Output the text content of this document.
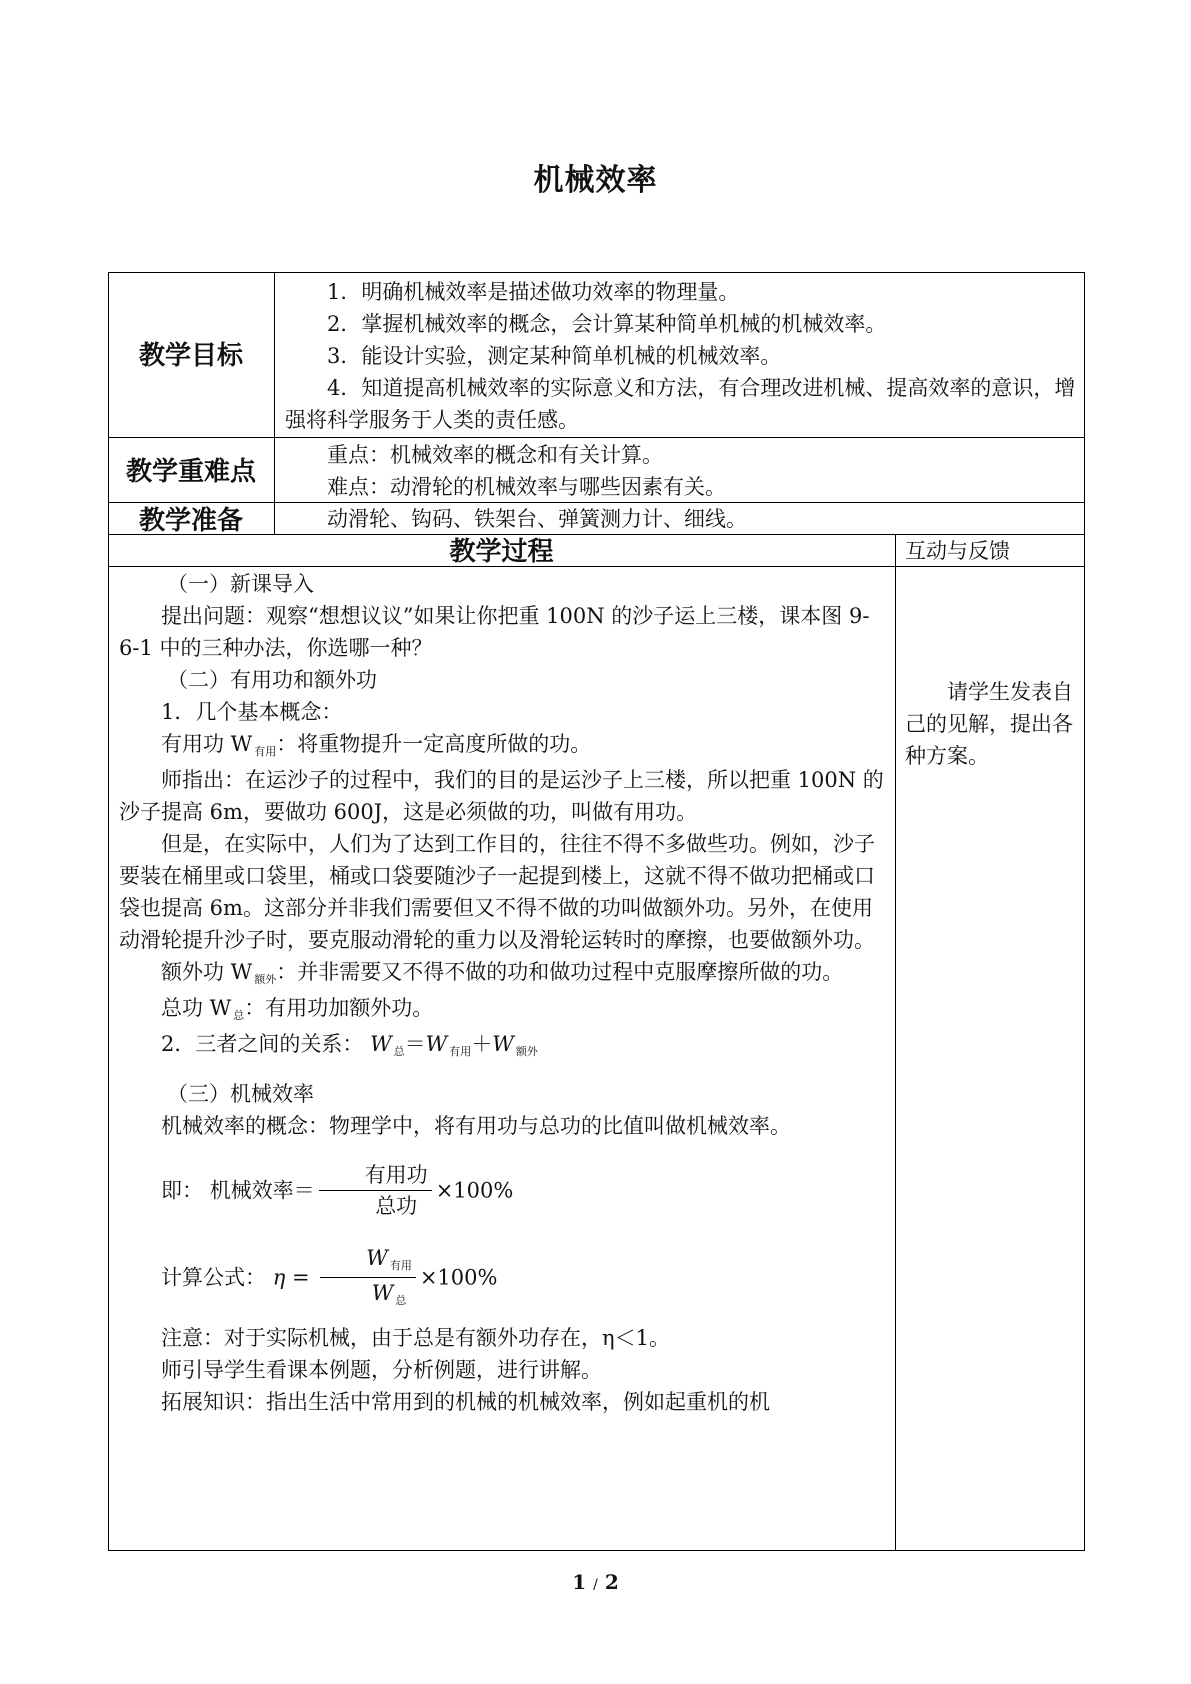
机械效率
教学目标

1．明确机械效率是描述做功效率的物理量。

2．掌握机械效率的概念，会计算某种简单机械的机械效率。

3．能设计实验，测定某种简单机械的机械效率。

4．知道提高机械效率的实际意义和方法，有合理改进机械、提高效率的意识，增强将科学服务于人类的责任感。

教学重难点

重点：机械效率的概念和有关计算。

难点：动滑轮的机械效率与哪些因素有关。

教学准备	动滑轮、钩码、铁架台、弹簧测力计、细线。

教学过程	互动与反馈

（一）新课导入

提出问题：观察“想想议议”如果让你把重 100N 的沙子运上三楼，课本图 9-6-1 中的三种办法，你选哪一种？

（二）有用功和额外功

1．几个基本概念：

有用功 W 有用：将重物提升一定高度所做的功。

师指出：在运沙子的过程中，我们的目的是运沙子上三楼，所以把重 100N 的沙子提高 6m，要做功 600J，这是必须做的功，叫做有用功。

但是，在实际中，人们为了达到工作目的，往往不得不多做些功。例如，沙子要装在桶里或口袋里，桶或口袋要随沙子一起提到楼上，这就不得不做功把桶或口袋也提高 6m。这部分并非我们需要但又不得不做的功叫做额外功。另外，在使用动滑轮提升沙子时，要克服动滑轮的重力以及滑轮运转时的摩擦，也要做额外功。

额外功 W 额外：并非需要又不得不做的功和做功过程中克服摩擦所做的功。

总功 W 总：有用功加额外功。

2．三者之间的关系： W 总＝W 有用＋W 额外

（三）机械效率

机械效率的概念：物理学中，将有用功与总功的比值叫做机械效率。

即： 机械效率＝ $\frac{\text{有用功}}{\text{总功}} \times 100\%$

计算公式： $\eta = \frac{\text{W 有用}}{\text{W 总}} \times 100\%$

注意：对于实际机械，由于总是有额外功存在，η＜1。

师引导学生看课本例题，分析例题，进行讲解。

拓展知识：指出生活中常用到的机械的机械效率，例如起重机的机

请学生发表自己的见解，提出各种方案。

1 / 2
